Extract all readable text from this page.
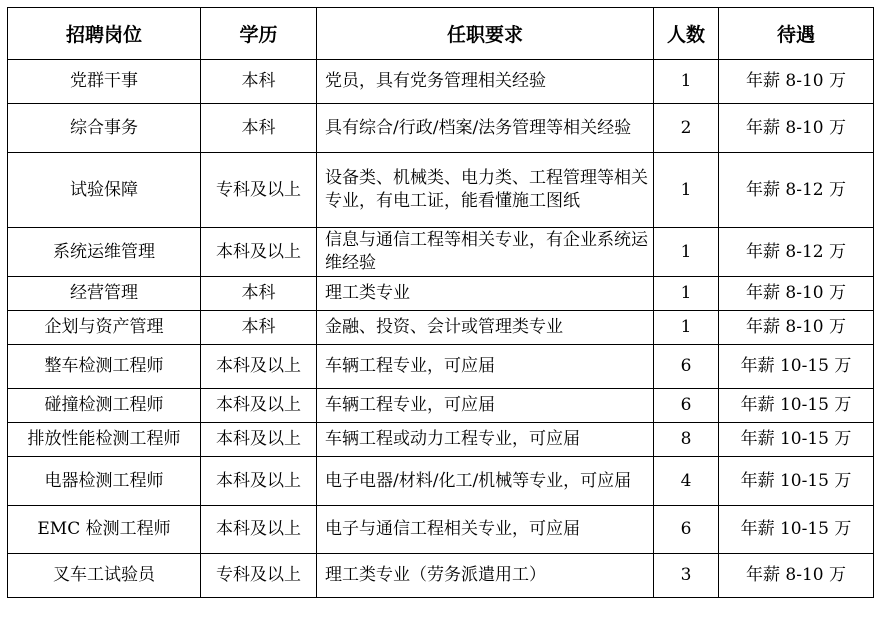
招聘岗位	学历	任职要求	人数	待遇
党群干事	本科	党员，具有党务管理相关经验	1	年薪 8-10 万
综合事务	本科	具有综合/行政/档案/法务管理等相关经验	2	年薪 8-10 万
试验保障	专科及以上	设备类、机械类、电力类、工程管理等相关专业，有电工证，能看懂施工图纸	1	年薪 8-12 万
系统运维管理	本科及以上	信息与通信工程等相关专业，有企业系统运维经验	1	年薪 8-12 万
经营管理	本科	理工类专业	1	年薪 8-10 万
企划与资产管理	本科	金融、投资、会计或管理类专业	1	年薪 8-10 万
整车检测工程师	本科及以上	车辆工程专业，可应届	6	年薪 10-15 万
碰撞检测工程师	本科及以上	车辆工程专业，可应届	6	年薪 10-15 万
排放性能检测工程师	本科及以上	车辆工程或动力工程专业，可应届	8	年薪 10-15 万
电器检测工程师	本科及以上	电子电器/材料/化工/机械等专业，可应届	4	年薪 10-15 万
EMC 检测工程师	本科及以上	电子与通信工程相关专业，可应届	6	年薪 10-15 万
叉车工试验员	专科及以上	理工类专业（劳务派遣用工）	3	年薪 8-10 万
